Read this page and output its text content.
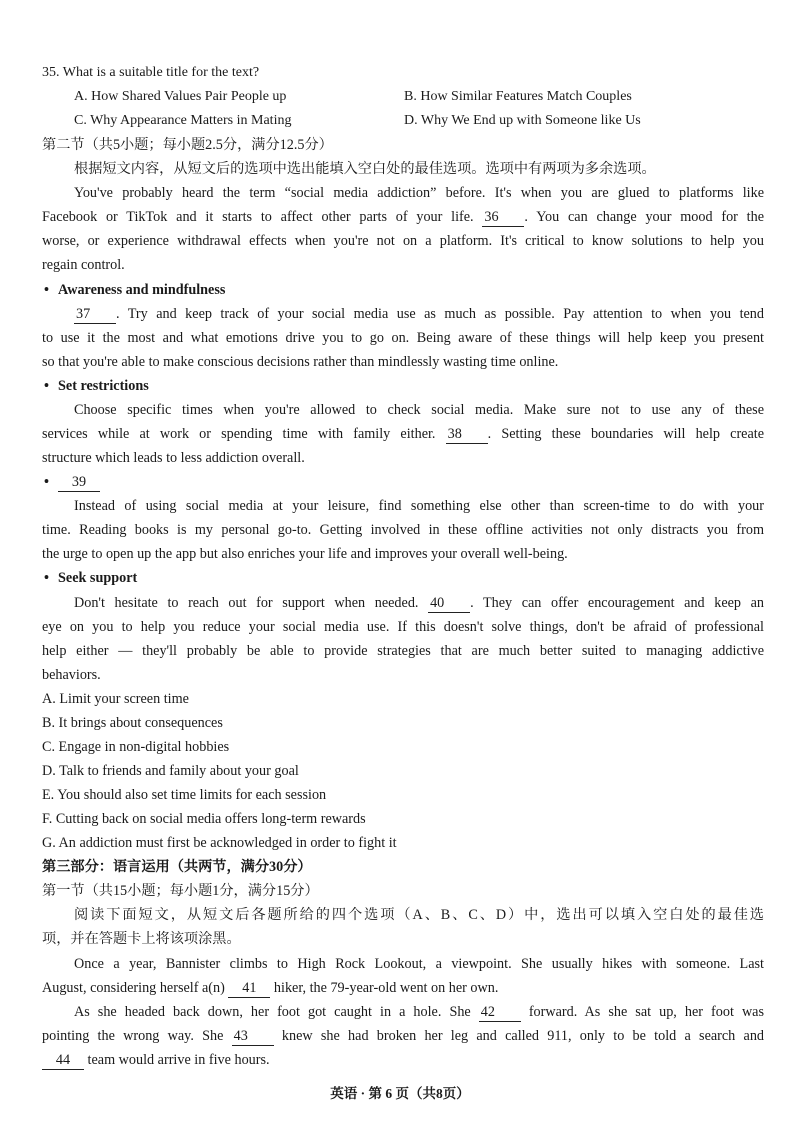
35. What is a suitable title for the text?
A. How Shared Values Pair People up	B. How Similar Features Match Couples
C. Why Appearance Matters in Mating	D. Why We End up with Someone like Us
第二节（共5小题；每小题2.5分，满分12.5分）
根据短文内容，从短文后的选项中选出能填入空白处的最佳选项。选项中有两项为多余选项。
You've probably heard the term “social media addiction” before. It's when you are glued to platforms like
Facebook or TikTok and it starts to affect other parts of your life. 36 . You can change your mood for the
worse, or experience withdrawal effects when you're not on a platform. It's critical to know solutions to help you
regain control.
• Awareness and mindfulness
37 . Try and keep track of your social media use as much as possible. Pay attention to when you tend
to use it the most and what emotions drive you to go on. Being aware of these things will help keep you present
so that you're able to make conscious decisions rather than mindlessly wasting time online.
• Set restrictions
Choose specific times when you're allowed to check social media. Make sure not to use any of these
services while at work or spending time with family either. 38 . Setting these boundaries will help create
structure which leads to less addiction overall.
• 39
Instead of using social media at your leisure, find something else other than screen-time to do with your
time. Reading books is my personal go-to. Getting involved in these offline activities not only distracts you from
the urge to open up the app but also enriches your life and improves your overall well-being.
• Seek support
Don't hesitate to reach out for support when needed. 40 . They can offer encouragement and keep an
eye on you to help you reduce your social media use. If this doesn't solve things, don't be afraid of professional
help either — they'll probably be able to provide strategies that are much better suited to managing addictive
behaviors.
A. Limit your screen time
B. It brings about consequences
C. Engage in non-digital hobbies
D. Talk to friends and family about your goal
E. You should also set time limits for each session
F. Cutting back on social media offers long-term rewards
G. An addiction must first be acknowledged in order to fight it
第三部分：语言运用（共两节，满分30分）
第一节（共15小题；每小题1分，满分15分）
阅读下面短文，从短文后各题所给的四个选项（A、B、C、D）中，选出可以填入空白处的最佳选
项，并在答题卡上将该项涂黑。
Once a year, Bannister climbs to High Rock Lookout, a viewpoint. She usually hikes with someone. Last
August, considering herself a(n) 41 hiker, the 79-year-old went on her own.
As she headed back down, her foot got caught in a hole. She 42 forward. As she sat up, her foot was
pointing the wrong way. She 43 knew she had broken her leg and called 911, only to be told a search and
44 team would arrive in five hours.
英语 · 第 6 页（共8页）
